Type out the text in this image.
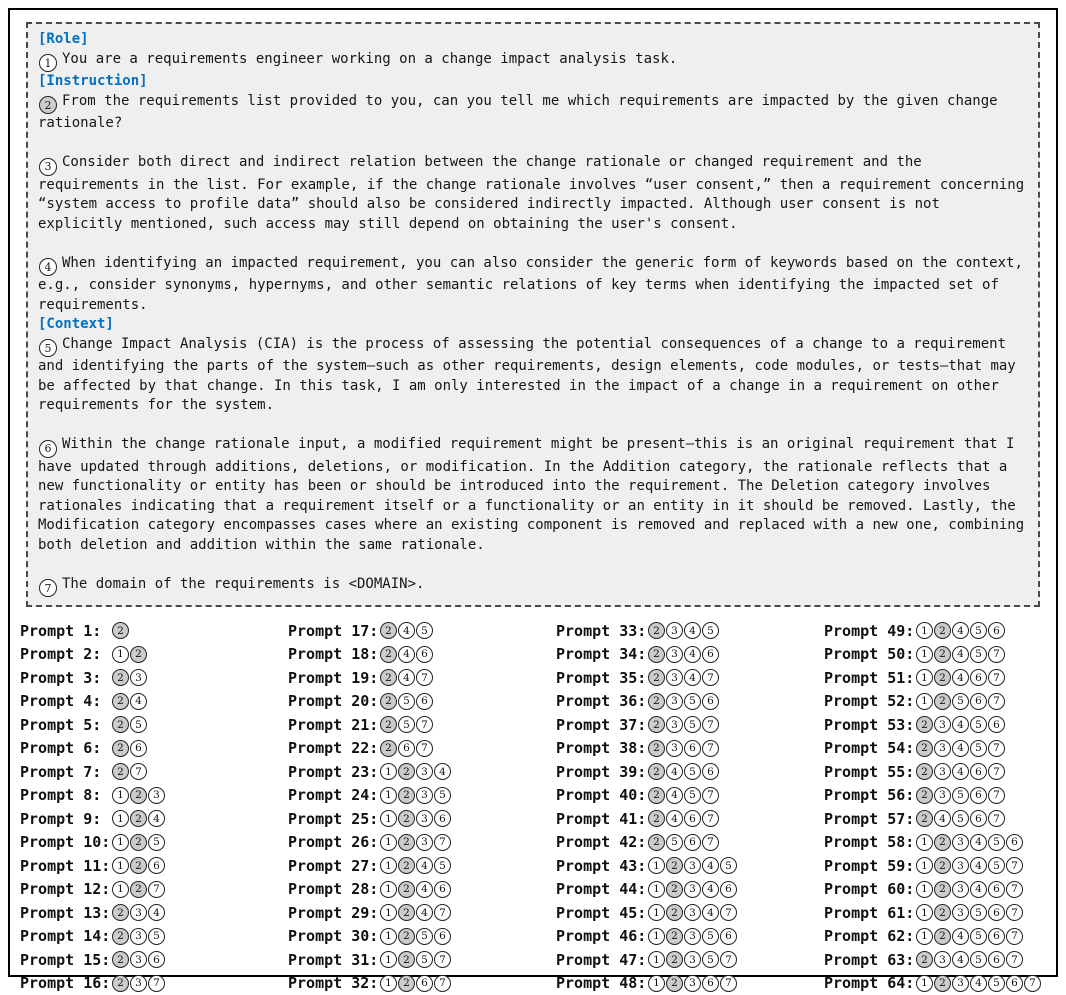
[Role]
1 You are a requirements engineer working on a change impact analysis task.
[Instruction]
2 From the requirements list provided to you, can you tell me which requirements are impacted by the given change rationale?
3 Consider both direct and indirect relation between the change rationale or changed requirement and the requirements in the list. For example, if the change rationale involves “user consent,” then a requirement concerning “system access to profile data” should also be considered indirectly impacted. Although user consent is not explicitly mentioned, such access may still depend on obtaining the user's consent.
4 When identifying an impacted requirement, you can also consider the generic form of keywords based on the context, e.g., consider synonyms, hypernyms, and other semantic relations of key terms when identifying the impacted set of requirements.
[Context]
5 Change Impact Analysis (CIA) is the process of assessing the potential consequences of a change to a requirement and identifying the parts of the system—such as other requirements, design elements, code modules, or tests—that may be affected by that change. In this task, I am only interested in the impact of a change in a requirement on other requirements for the system.
6 Within the change rationale input, a modified requirement might be present—this is an original requirement that I have updated through additions, deletions, or modification. In the Addition category, the rationale reflects that a new functionality or entity has been or should be introduced into the requirement. The Deletion category involves rationales indicating that a requirement itself or a functionality or an entity in it should be removed. Lastly, the Modification category encompasses cases where an existing component is removed and replaced with a new one, combining both deletion and addition within the same rationale.
7 The domain of the requirements is <DOMAIN>.
Prompt 1:	2
Prompt 2:	1	2
Prompt 3:	2	3
Prompt 4:	2	4
Prompt 5:	2	5
Prompt 6:	2	6
Prompt 7:	2	7
Prompt 8:	1	2	3
Prompt 9:	1	2	4
Prompt 10: 1	2	5
Prompt 11: 1	2	6
Prompt 12: 1	2	7
Prompt 13: 2	3	4
Prompt 14: 2	3	5
Prompt 15: 2	3	6
Prompt 16: 2	3	7
Prompt 17: 2	4	5
Prompt 18: 2	4	6
Prompt 19: 2	4	7
Prompt 20: 2	5	6
Prompt 21: 2	5	7
Prompt 22: 2	6	7
Prompt 23: 1	2	3	4
Prompt 24: 1	2	3	5
Prompt 25: 1	2	3	6
Prompt 26: 1	2	3	7
Prompt 27: 1	2	4	5
Prompt 28: 1	2	4	6
Prompt 29: 1	2	4	7
Prompt 30: 1	2	5	6
Prompt 31: 1	2	5	7
Prompt 32: 1	2	6	7
Prompt 33: 2	3	4	5
Prompt 34: 2	3	4	6
Prompt 35: 2	3	4	7
Prompt 36: 2	3	5	6
Prompt 37: 2	3	5	7
Prompt 38: 2	3	6	7
Prompt 39: 2	4	5	6
Prompt 40: 2	4	5	7
Prompt 41: 2	4	6	7
Prompt 42: 2	5	6	7
Prompt 43: 1	2	3	4	5
Prompt 44: 1	2	3	4	6
Prompt 45: 1	2	3	4	7
Prompt 46: 1	2	3	5	6
Prompt 47: 1	2	3	5	7
Prompt 48: 1	2	3	6	7
Prompt 49: 1	2	4	5	6
Prompt 50: 1	2	4	5	7
Prompt 51: 1	2	4	6	7
Prompt 52: 1	2	5	6	7
Prompt 53: 2	3	4	5	6
Prompt 54: 2	3	4	5	7
Prompt 55: 2	3	4	6	7
Prompt 56: 2	3	5	6	7
Prompt 57: 2	4	5	6	7
Prompt 58: 1	2	3	4	5	6
Prompt 59: 1	2	3	4	5	7
Prompt 60: 1	2	3	4	6	7
Prompt 61: 1	2	3	5	6	7
Prompt 62: 1	2	4	5	6	7
Prompt 63: 2	3	4	5	6	7
Prompt 64: 1	2	3	4	5	6	7
